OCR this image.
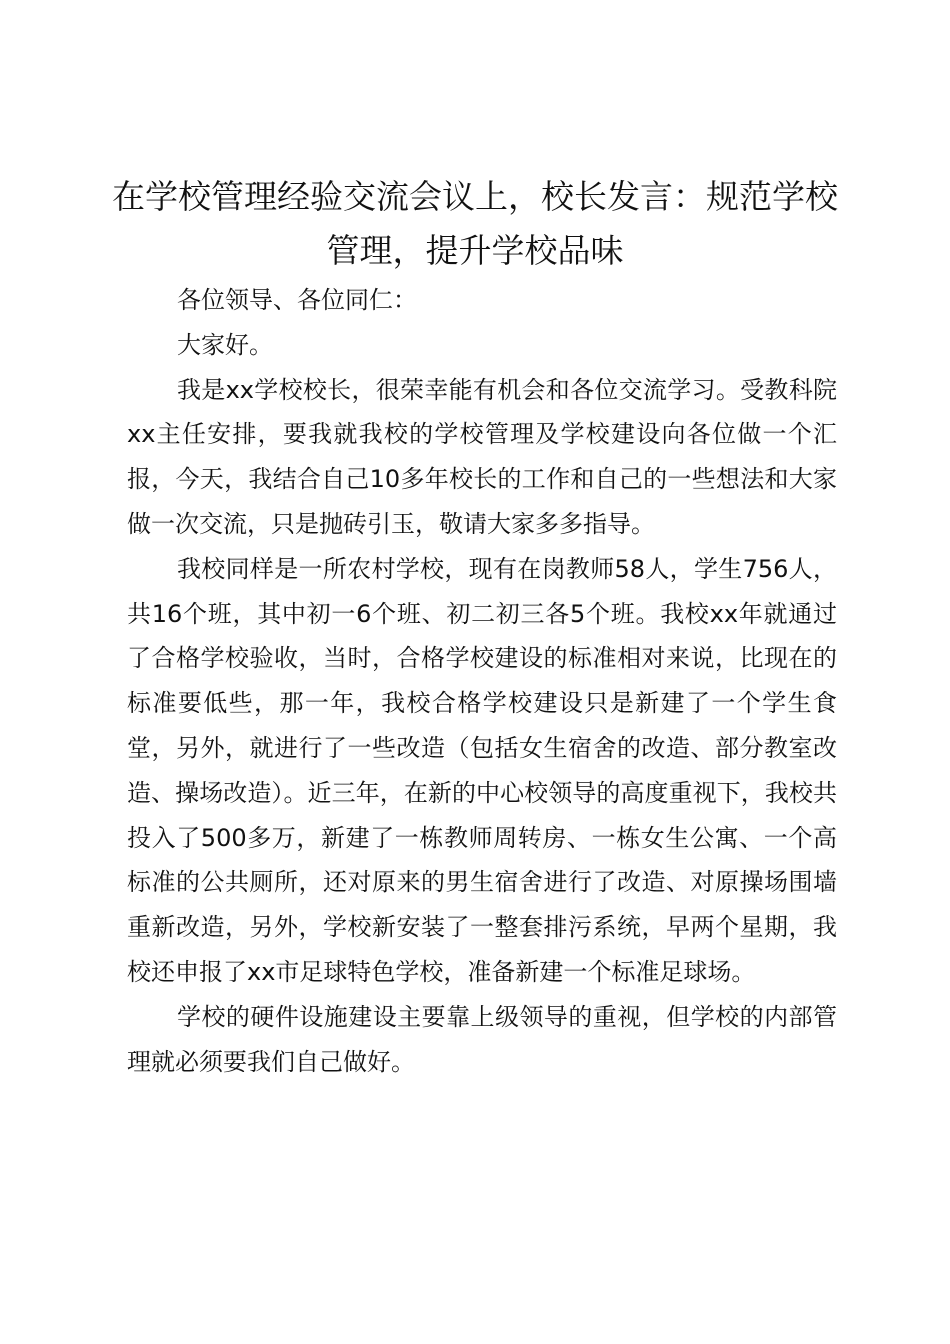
在学校管理经验交流会议上，校长发言：规范学校管理，提升学校品味

各位领导、各位同仁：

大家好。

我是xx学校校长，很荣幸能有机会和各位交流学习。受教科院xx主任安排，要我就我校的学校管理及学校建设向各位做一个汇报，今天，我结合自己10多年校长的工作和自己的一些想法和大家做一次交流，只是抛砖引玉，敬请大家多多指导。

我校同样是一所农村学校，现有在岗教师58人，学生756人，共16个班，其中初一6个班、初二初三各5个班。我校xx年就通过了合格学校验收，当时，合格学校建设的标准相对来说，比现在的标准要低些，那一年，我校合格学校建设只是新建了一个学生食堂，另外，就进行了一些改造（包括女生宿舍的改造、部分教室改造、操场改造）。近三年，在新的中心校领导的高度重视下，我校共投入了500多万，新建了一栋教师周转房、一栋女生公寓、一个高标准的公共厕所，还对原来的男生宿舍进行了改造、对原操场围墙重新改造，另外，学校新安装了一整套排污系统，早两个星期，我校还申报了xx市足球特色学校，准备新建一个标准足球场。

学校的硬件设施建设主要靠上级领导的重视，但学校的内部管理就必须要我们自己做好。
